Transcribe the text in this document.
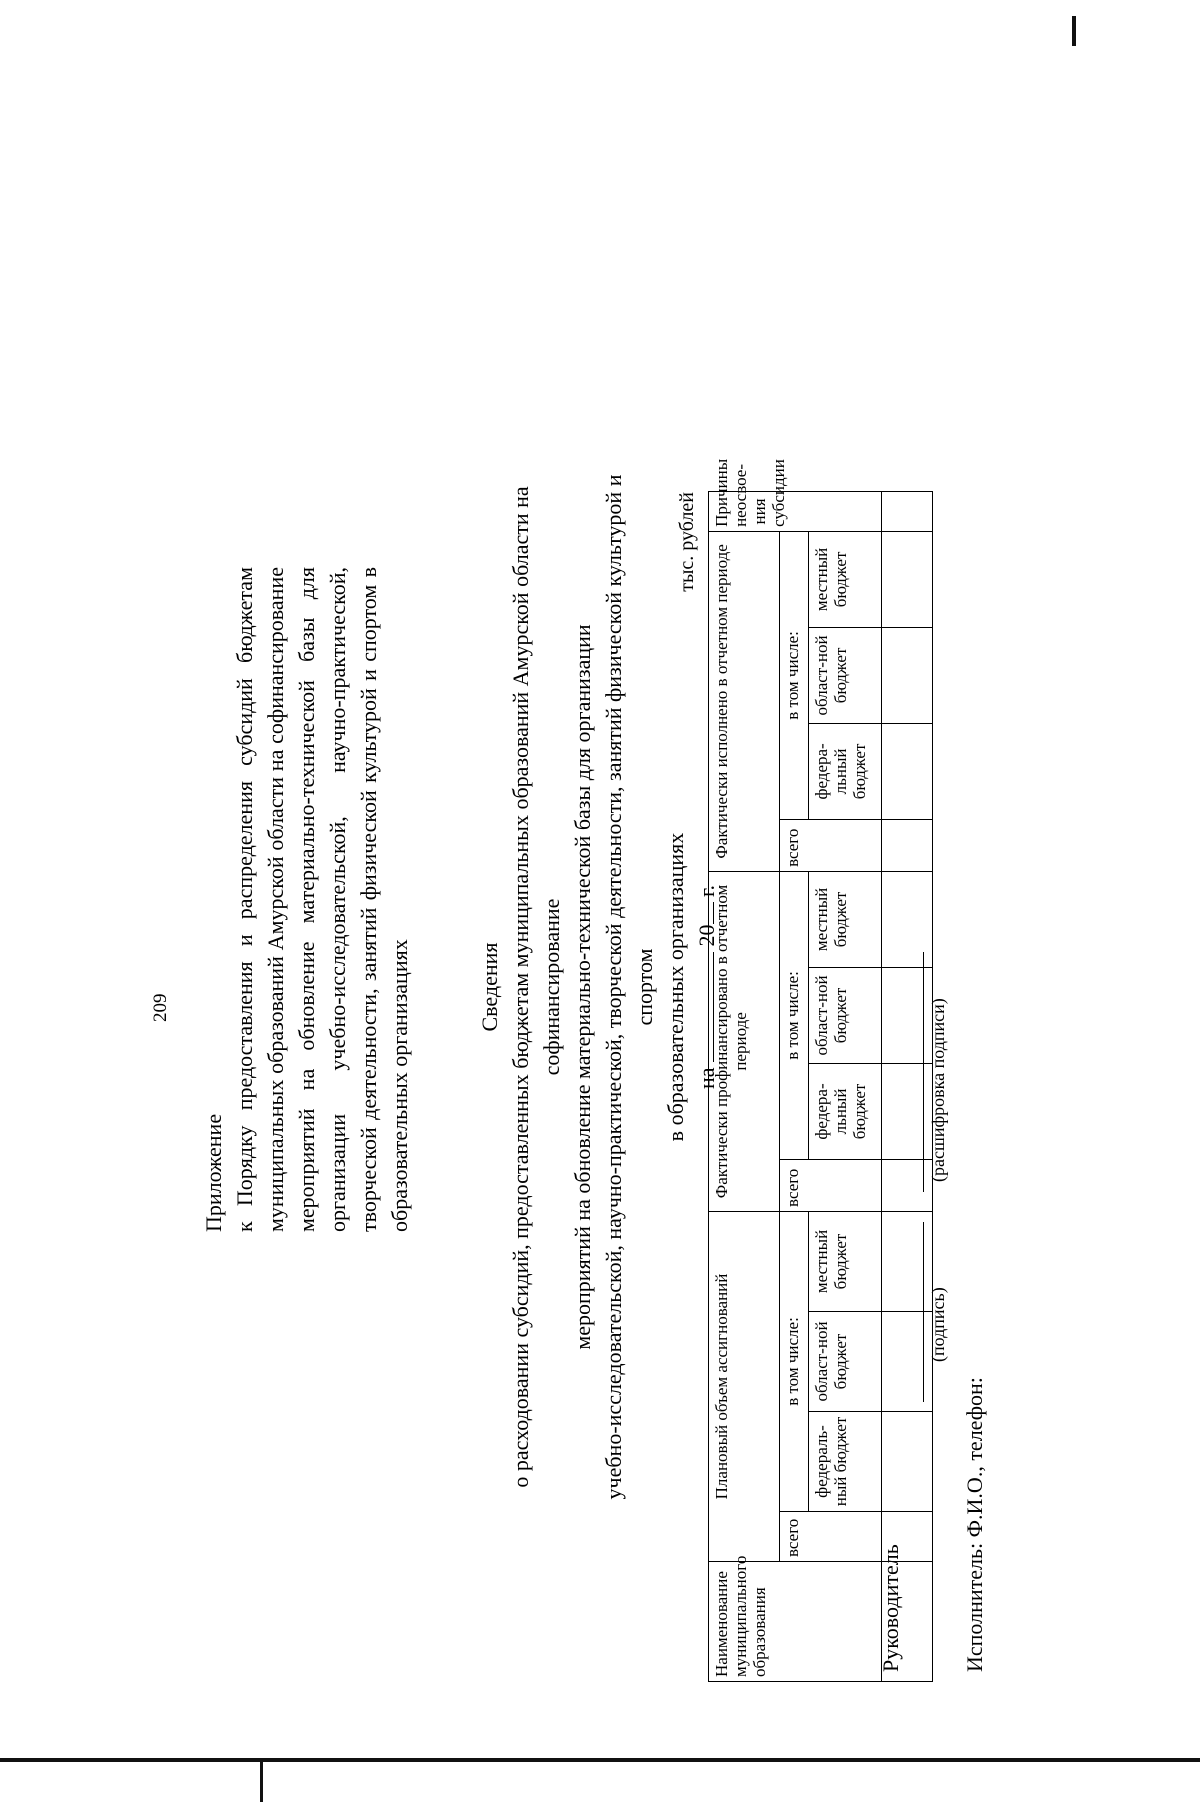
209
Приложение к Порядку предоставления и распределения субсидий бюджетам муниципальных образований Амурской области на софинансирование мероприятий на обновление материально-технической базы для организации учебно-исследовательской, научно-практической, творческой деятельности, занятий физической культурой и спортом в образовательных организациях	Сведения о расходовании субсидий, предоставленных бюджетам муниципальных образований Амурской области на софинансирование мероприятий на обновление материально-технической базы для организации учебно-исследовательской, научно-практической, творческой деятельности, занятий физической культурой и спортом в образовательных организациях на  20 г.
тыс. рублей
Наименование муниципального образования	Плановый объем ассигнований				Фактически профинансировано в отчетном периоде				Фактически исполнено в отчетном периоде				Причины неосвое-ния субсидии
	всего	в том числе:			всего	в том числе:			всего	в том числе:			
		федераль-ный бюджет	област-ной бюджет	местный бюджет		федера-льный бюджет	област-ной бюджет	местный бюджет		федера-льный бюджет	област-ной бюджет	местный бюджет	

Руководитель
(подпись)
(расшифровка подписи)
Исполнитель: Ф.И.О., телефон:
